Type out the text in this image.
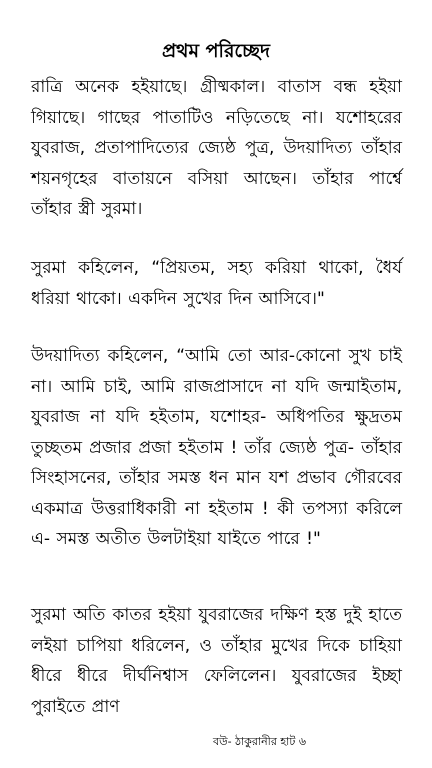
প্রথম পরিচ্ছেদ
রাত্রি অনেক হইয়াছে। গ্রীষ্মকাল। বাতাস বন্ধ হইয়া গিয়াছে। গাছের পাতাটিও নড়িতেছে না। যশোহরের যুবরাজ, প্রতাপাদিত্যের জ্যেষ্ঠ পুত্র, উদয়াদিত্য তাঁহার শয়নগৃহের বাতায়নে বসিয়া আছেন। তাঁহার পার্শ্বে তাঁহার স্ত্রী সুরমা।
সুরমা কহিলেন, “প্রিয়তম, সহ্য করিয়া থাকো, ধৈর্য ধরিয়া থাকো। একদিন সুখের দিন আসিবে।"
উদয়াদিত্য কহিলেন, “আমি তো আর-কোনো সুখ চাই না। আমি চাই, আমি রাজপ্রাসাদে না যদি জন্মাইতাম, যুবরাজ না যদি হইতাম, যশোহর- অধিপতির ক্ষুদ্রতম তুচ্ছতম প্রজার প্রজা হইতাম ! তাঁর জ্যেষ্ঠ পুত্র- তাঁহার সিংহাসনের, তাঁহার সমস্ত ধন মান যশ প্রভাব গৌরবের একমাত্র উত্তরাধিকারী না হইতাম ! কী তপস্যা করিলে এ- সমস্ত অতীত উলটাইয়া যাইতে পারে !"
সুরমা অতি কাতর হইয়া যুবরাজের দক্ষিণ হস্ত দুই হাতে লইয়া চাপিয়া ধরিলেন, ও তাঁহার মুখের দিকে চাহিয়া ধীরে ধীরে দীর্ঘনিশ্বাস ফেলিলেন। যুবরাজের ইচ্ছা পুরাইতে প্রাণ
বউ- ঠাকুরানীর হাট ৬
